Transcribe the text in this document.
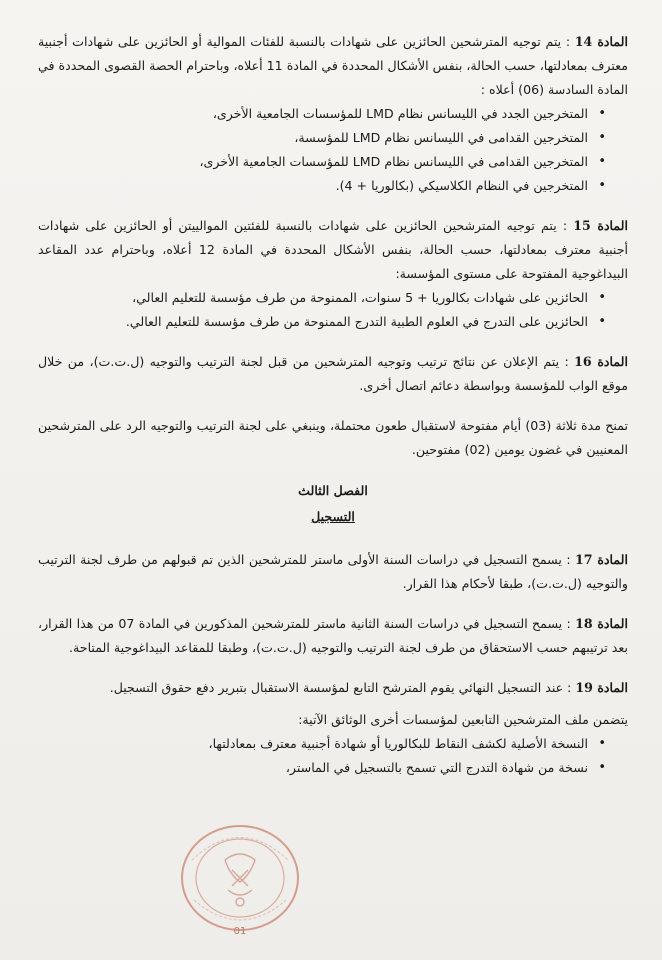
المادة 14 : يتم توجيه المترشحين الحائزين على شهادات بالنسبة للفئات الموالية أو الحائزين على شهادات أجنبية معترف بمعادلتها، حسب الحالة، بنفس الأشكال المحددة في المادة 11 أعلاه، وباحترام الحصة القصوى المحددة في المادة السادسة (06) أعلاه :

• المتخرجين الجدد في الليسانس نظام LMD للمؤسسات الجامعية الأخرى،
• المتخرجين القدامى في الليسانس نظام LMD للمؤسسة،
• المتخرجين القدامى في الليسانس نظام LMD للمؤسسات الجامعية الأخرى،
• المتخرجين في النظام الكلاسيكي (بكالوريا + 4).

المادة 15 : يتم توجيه المترشحين الحائزين على شهادات بالنسبة للفئتين الموالييتن أو الحائزين على شهادات أجنبية معترف بمعادلتها، حسب الحالة، بنفس الأشكال المحددة في المادة 12 أعلاه، وباحترام عدد المقاعد البيداغوجية المفتوحة على مستوى المؤسسة:

• الحائزين على شهادات بكالوريا + 5 سنوات، الممنوحة من طرف مؤسسة للتعليم العالي،
• الحائزين على التدرج في العلوم الطبية التدرج الممنوحة من طرف مؤسسة للتعليم العالي.

المادة 16 : يتم الإعلان عن نتائج ترتيب وتوجيه المترشحين من قبل لجنة الترتيب والتوجيه (ل.ت.ت)، من خلال موقع الواب للمؤسسة وبواسطة دعائم اتصال أخرى.

تمنح مدة ثلاثة (03) أيام مفتوحة لاستقبال طعون محتملة، وينبغي على لجنة الترتيب والتوجيه الرد على المترشحين المعنيين في غضون يومين (02) مفتوحين.

الفصل الثالث
التسجيل

المادة 17 : يسمح التسجيل في دراسات السنة الأولى ماستر للمترشحين الذين تم قبولهم من طرف لجنة الترتيب والتوجيه (ل.ت.ت)، طبقا لأحكام هذا القرار.

المادة 18 : يسمح التسجيل في دراسات السنة الثانية ماستر للمترشحين المذكورين في المادة 07 من هذا القرار، بعد ترتيبهم حسب الاستحقاق من طرف لجنة الترتيب والتوجيه (ل.ت.ت)، وطبقا للمقاعد البيداغوجية المتاحة.

المادة 19 : عند التسجيل النهائي يقوم المترشح التابع لمؤسسة الاستقبال بتبرير دفع حقوق التسجيل.

يتضمن ملف المترشحين التابعين لمؤسسات أخرى الوثائق الآتية:

• النسخة الأصلية لكشف النقاط للبكالوريا أو شهادة أجنبية معترف بمعادلتها،
• نسخة من شهادة التدرج التي تسمح بالتسجيل في الماستر،
01
